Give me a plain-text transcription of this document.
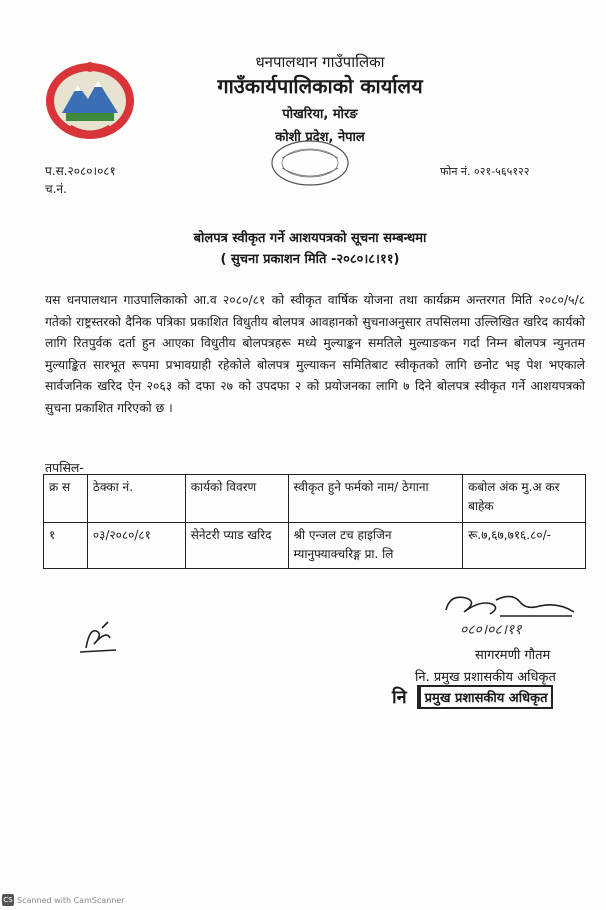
धनपालथान गाउँपालिका
गाउँकार्यपालिकाको कार्यालय
पोखरिया, मोरङ
कोशी प्रदेश, नेपाल
प.स.२०८०।०८१
च.नं.
फोन नं. ०२१-५६५१२२
बोलपत्र स्वीकृत गर्ने आशयपत्रको सूचना सम्बन्धमा
( सुचना प्रकाशन मिति -२०८०।८।११)

यस धनपालथान गाउपालिकाको आ.व २०८०/८१ को स्वीकृत वार्षिक योजना तथा कार्यक्रम अन्तरगत मिति २०८०/५/८ गतेको राष्ट्रस्तरको दैनिक पत्रिका प्रकाशित विधुतीय बोलपत्र आवहानको सुचनाअनुसार तपसिलमा उल्लिखित खरिद कार्यको लागि रितपुर्वक दर्ता हुन आएका विधुतीय बोलपत्रहरू मध्ये मुल्याङ्कन समतिले मुल्याङकन गर्दा निम्न बोलपत्र न्युनतम मुल्याङ्कित सारभूत रूपमा प्रभावग्राही रहेकोले बोलपत्र मुल्याकन समितिबाट स्वीकृतको लागि छनोट भइ पेश भएकाले सार्वजनिक खरिद ऐन २०६३ को दफा २७ को उपदफा २ को प्रयोजनका लागि ७ दिने बोलपत्र स्वीकृत गर्ने आशयपत्रको सुचना प्रकाशित गरिएको छ ।

तपसिल-
क्र स	ठेक्का नं.	कार्यको विवरण	स्वीकृत हुने फर्मको नाम/ ठेगाना	कबोल अंक मु.अ कर बाहेक
१	०३/२०८०/८१	सेनेटरी प्याड खरिद	श्री एन्जल टच हाइजिन म्यानुफ्याक्चरिङ्ग प्रा. लि	रू.७,६७,७१६.८०/-
०८०।०८।११
सागरमणी गौतम
नि. प्रमुख प्रशासकीय अधिकृत
नि	प्रमुख प्रशासकीय अधिकृत
CS Scanned with CamScanner
